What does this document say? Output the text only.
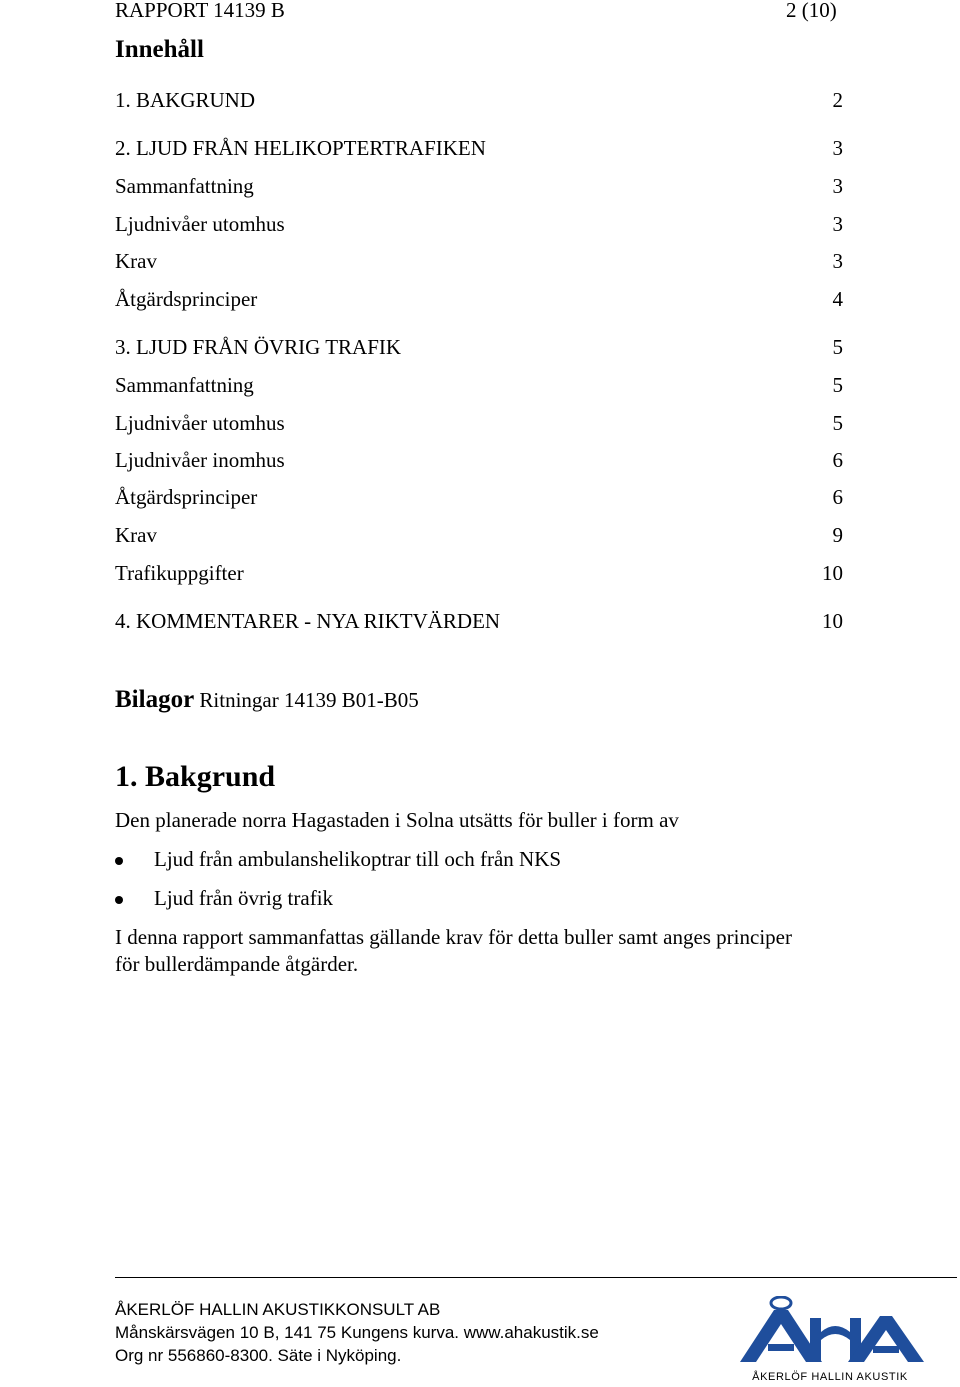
RAPPORT 14139 B	2 (10)
Innehåll
1. BAKGRUND	2
2. LJUD FRÅN HELIKOPTERTRAFIKEN	3
Sammanfattning	3
Ljudnivåer utomhus	3
Krav	3
Åtgärdsprinciper	4
3. LJUD FRÅN ÖVRIG TRAFIK	5
Sammanfattning	5
Ljudnivåer utomhus	5
Ljudnivåer inomhus	6
Åtgärdsprinciper	6
Krav	9
Trafikuppgifter	10
4. KOMMENTARER - NYA RIKTVÄRDEN	10
Bilagor Ritningar 14139 B01-B05
1. Bakgrund
Den planerade norra Hagastaden i Solna utsätts för buller i form av
Ljud från ambulanshelikoptrar till och från NKS
Ljud från övrig trafik
I denna rapport sammanfattas gällande krav för detta buller samt anges principer
för bullerdämpande åtgärder.
ÅKERLÖF HALLIN AKUSTIKKONSULT AB
Månskärsvägen 10 B, 141 75 Kungens kurva. www.ahakustik.se
Org nr 556860-8300. Säte i Nyköping.
ÅKERLÖF HALLIN AKUSTIK
